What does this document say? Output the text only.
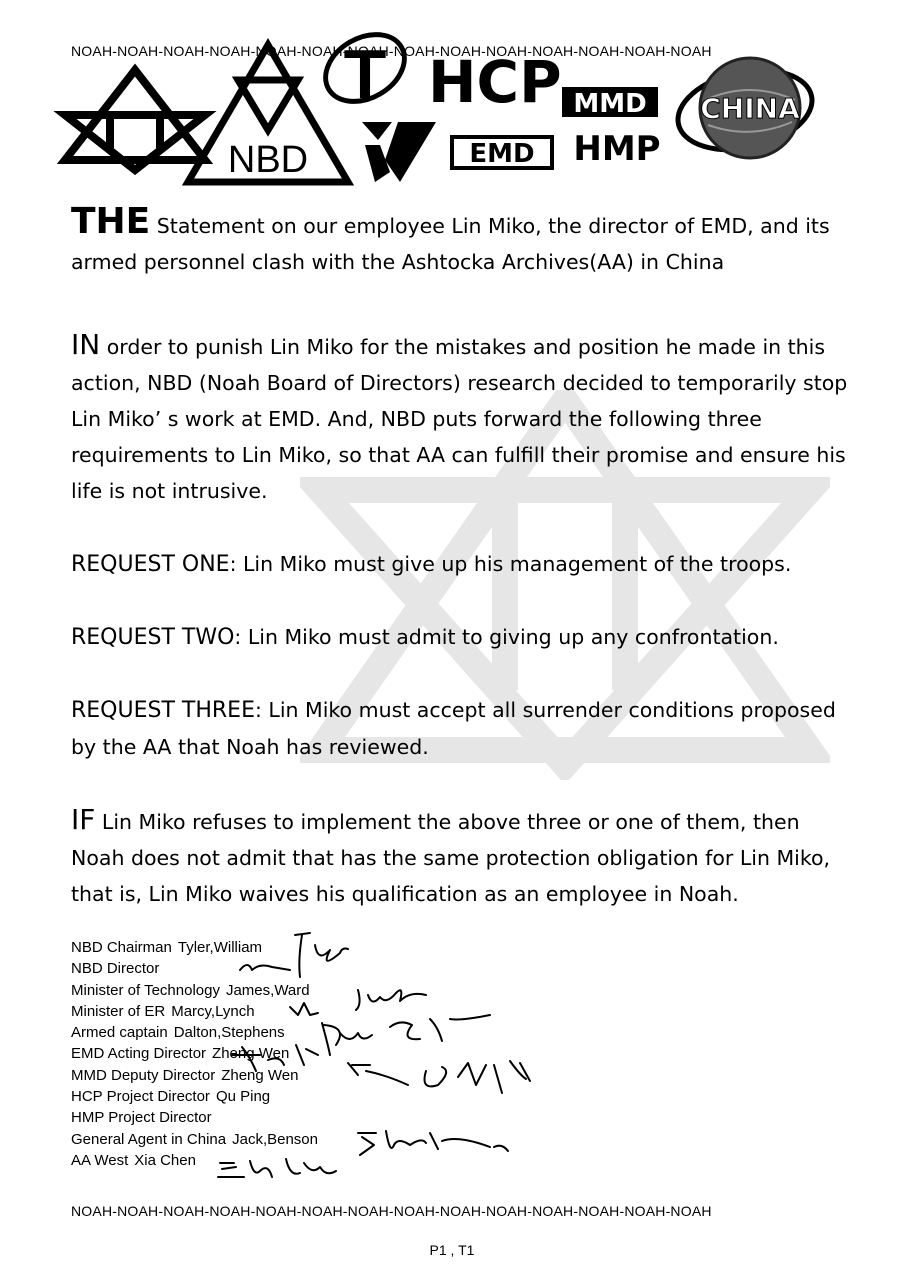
NOAH-NOAH-NOAH-NOAH-NOAH-NOAH-NOAH-NOAH-NOAH-NOAH-NOAH-NOAH-NOAH-NOAH
NBD
T HCP MMD
EMD HMP
CHINA
THE Statement on our employee Lin Miko, the director of EMD, and its armed personnel clash with the Ashtocka Archives(AA) in China
IN order to punish Lin Miko for the mistakes and position he made in this action, NBD (Noah Board of Directors) research decided to temporarily stop Lin Miko’ s work at EMD. And, NBD puts forward the following three requirements to Lin Miko, so that AA can fulfill their promise and ensure his life is not intrusive.
REQUEST ONE: Lin Miko must give up his management of the troops.
REQUEST TWO: Lin Miko must admit to giving up any confrontation.
REQUEST THREE: Lin Miko must accept all surrender conditions proposed by the AA that Noah has reviewed.
IF Lin Miko refuses to implement the above three or one of them, then Noah does not admit that has the same protection obligation for Lin Miko, that is, Lin Miko waives his qualification as an employee in Noah.
NBD Chairman Tyler,William
NBD Director
Minister of Technology James,Ward
Minister of ER Marcy,Lynch
Armed captain Dalton,Stephens
EMD Acting Director Zheng Wen
MMD Deputy Director Zheng Wen
HCP Project Director Qu Ping
HMP Project Director
General Agent in China Jack,Benson
AA West Xia Chen
NOAH-NOAH-NOAH-NOAH-NOAH-NOAH-NOAH-NOAH-NOAH-NOAH-NOAH-NOAH-NOAH-NOAH
P1 , T1
